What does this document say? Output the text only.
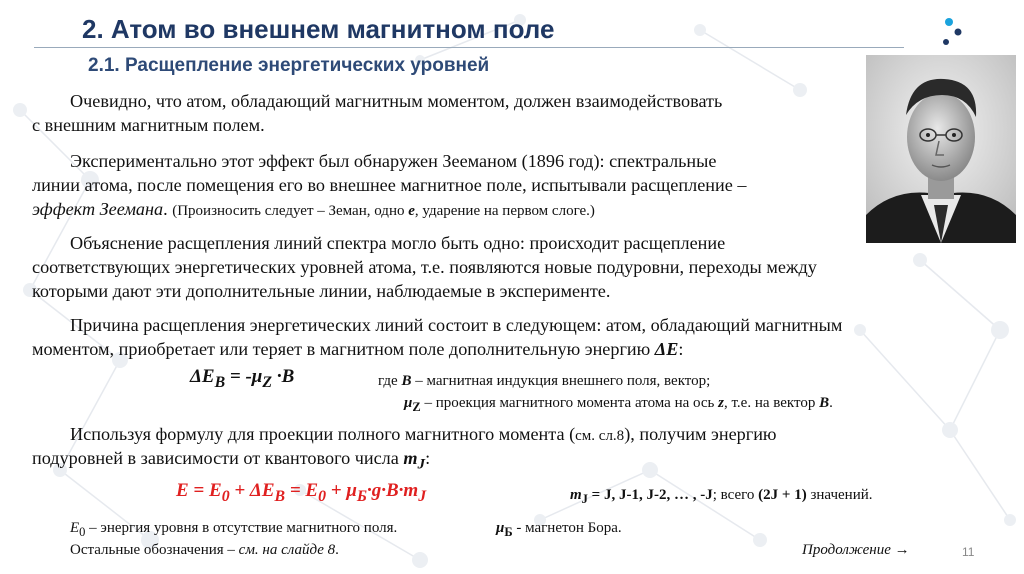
2. Атом во внешнем магнитном поле
2.1. Расщепление энергетических уровней
Очевидно, что атом, обладающий магнитным моментом, должен взаимодействовать
с внешним магнитным полем.
Экспериментально этот эффект был обнаружен Зееманом (1896 год): спектральные
линии атома, после помещения его во внешнее магнитное поле, испытывали расщепление –
эффект Зеемана. (Произносить следует – Земан, одно е, ударение на первом слоге.)
Объяснение расщепления линий спектра могло быть одно: происходит расщепление
соответствующих энергетических уровней атома, т.е. появляются новые подуровни, переходы между
которыми дают эти дополнительные линии, наблюдаемые в эксперименте.
Причина расщепления энергетических линий состоит в следующем: атом, обладающий магнитным
моментом, приобретает или теряет в магнитном поле дополнительную энергию ΔE:
$\Delta E_B = -\mu_Z \cdot B$	где B – магнитная индукция внешнего поля, вектор;
$\mu_Z$ – проекция магнитного момента атома на ось z, т.е. на вектор B.
Используя формулу для проекции полного магнитного момента (см. сл.8), получим энергию
подуровней в зависимости от квантового числа $m_J$:
$E = E_0 + \Delta E_B = E_0 + \mu_Б\cdot g\cdot B\cdot m_J$	$m_J = J$, J-1, J-2, … , -J; всего (2J + 1) значений.
$E_0$ – энергия уровня в отсутствие магнитного поля.	$\mu_Б$ - магнетон Бора.
Остальные обозначения – см. на слайде 8.	Продолжение →	11
